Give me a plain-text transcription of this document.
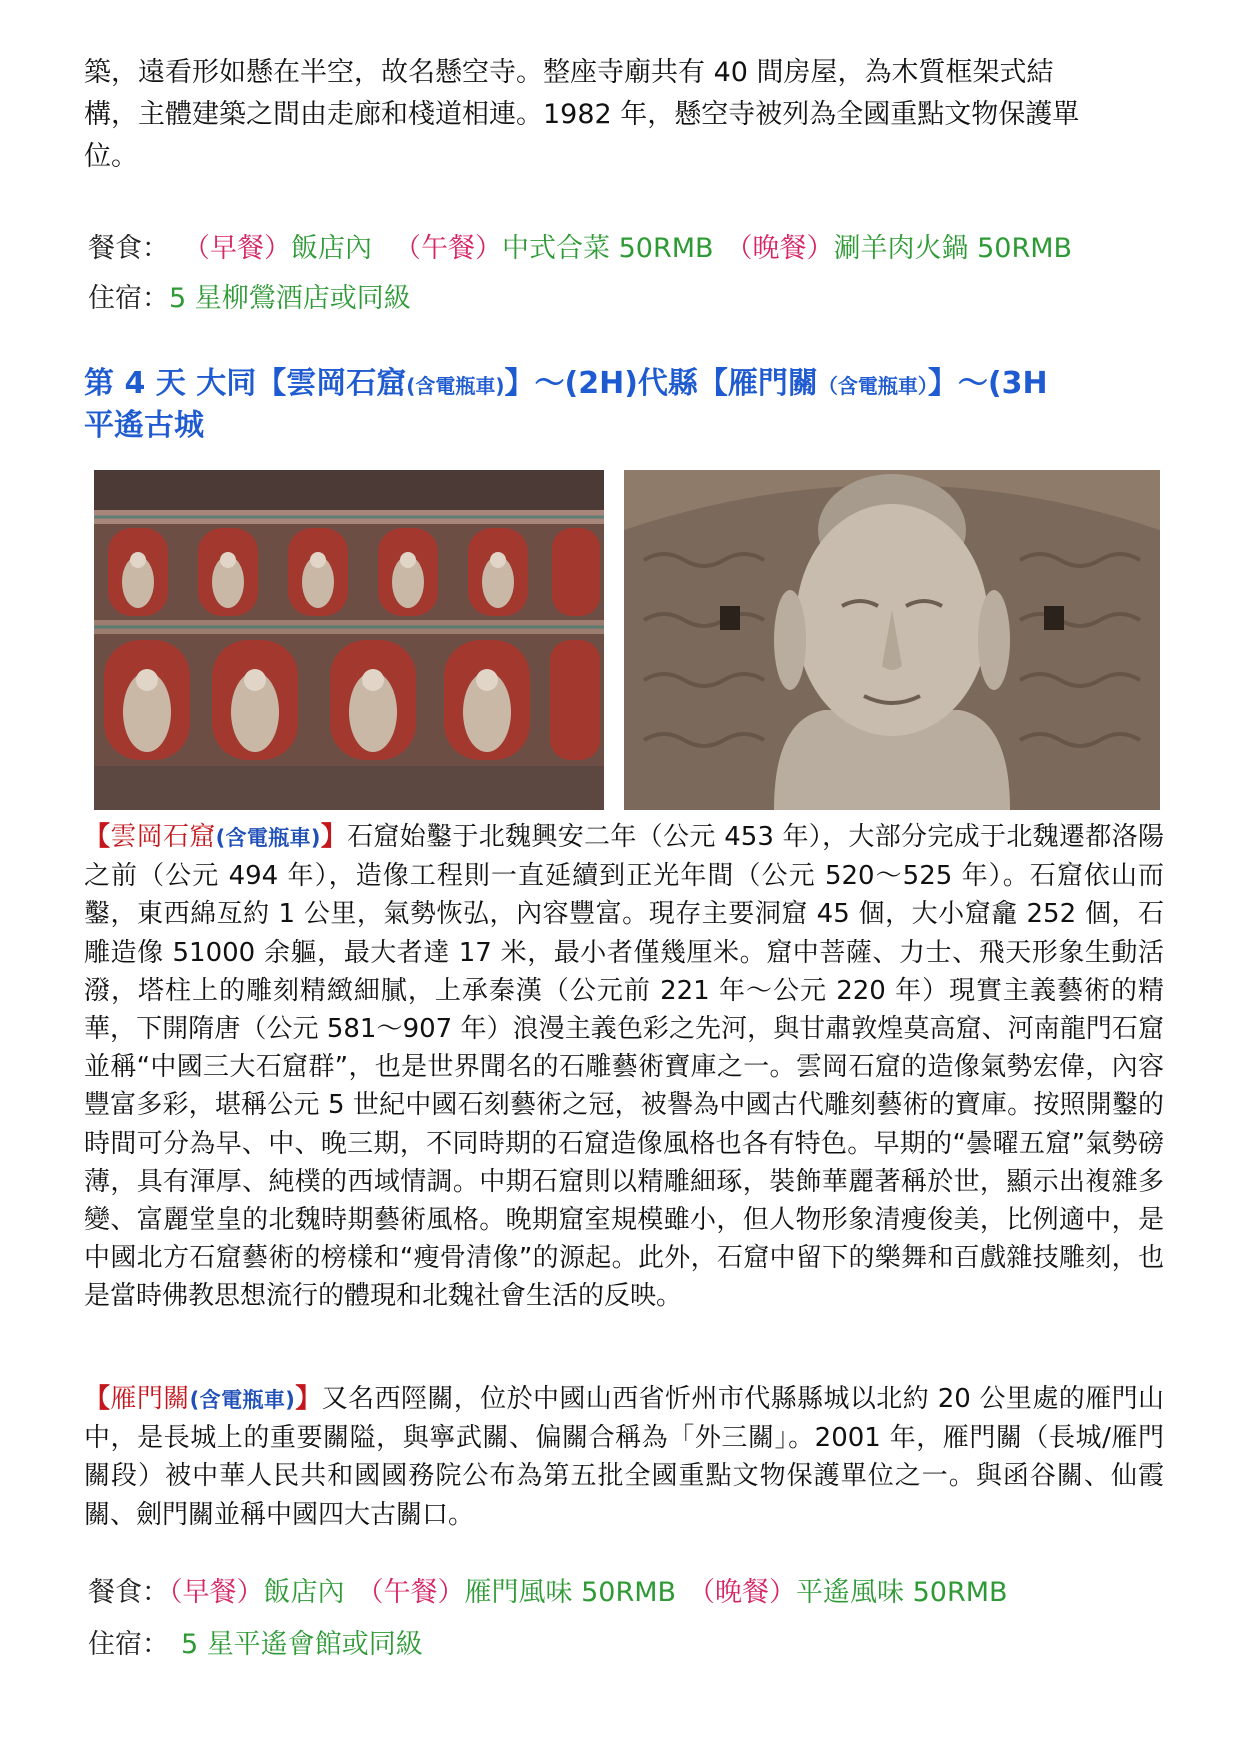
築，遠看形如懸在半空，故名懸空寺。整座寺廟共有 40 間房屋，為木質框架式結

構，主體建築之間由走廊和棧道相連。1982 年，懸空寺被列為全國重點文物保護單

位。

餐食： （早餐）飯店內 （午餐）中式合菜 50RMB （晚餐）涮羊肉火鍋 50RMB
住宿：5 星柳鶯酒店或同級
第 4 天 大同【雲岡石窟(含電瓶車)】～(2H)代縣【雁門關（含電瓶車）】～(3H
平遙古城
【雲岡石窟(含電瓶車)】石窟始鑿于北魏興安二年（公元 453 年），大部分完成于北魏遷都洛陽之前（公元 494 年），造像工程則一直延續到正光年間（公元 520～525 年）。石窟依山而鑿，東西綿亙約 1 公里，氣勢恢弘，內容豐富。現存主要洞窟 45 個，大小窟龕 252 個，石雕造像 51000 余軀，最大者達 17 米，最小者僅幾厘米。窟中菩薩、力士、飛天形象生動活潑，塔柱上的雕刻精緻細膩，上承秦漢（公元前 221 年～公元 220 年）現實主義藝術的精華，下開隋唐（公元 581～907 年）浪漫主義色彩之先河，與甘肅敦煌莫高窟、河南龍門石窟並稱“中國三大石窟群”，也是世界聞名的石雕藝術寶庫之一。雲岡石窟的造像氣勢宏偉，內容豐富多彩，堪稱公元 5 世紀中國石刻藝術之冠，被譽為中國古代雕刻藝術的寶庫。按照開鑿的時間可分為早、中、晚三期，不同時期的石窟造像風格也各有特色。早期的“曇曜五窟”氣勢磅薄，具有渾厚、純樸的西域情調。中期石窟則以精雕細琢，裝飾華麗著稱於世，顯示出複雜多變、富麗堂皇的北魏時期藝術風格。晚期窟室規模雖小，但人物形象清瘦俊美，比例適中，是中國北方石窟藝術的榜樣和“瘦骨清像”的源起。此外，石窟中留下的樂舞和百戲雜技雕刻，也是當時佛教思想流行的體現和北魏社會生活的反映。
【雁門關(含電瓶車)】又名西陘關，位於中國山西省忻州市代縣縣城以北約 20 公里處的雁門山中，是長城上的重要關隘，與寧武關、偏關合稱為「外三關」。2001 年，雁門關（長城/雁門關段）被中華人民共和國國務院公布為第五批全國重點文物保護單位之一。與函谷關、仙霞關、劍門關並稱中國四大古關口。
餐食：（早餐）飯店內 （午餐）雁門風味 50RMB （晚餐）平遙風味 50RMB
住宿： 5 星平遙會館或同級
